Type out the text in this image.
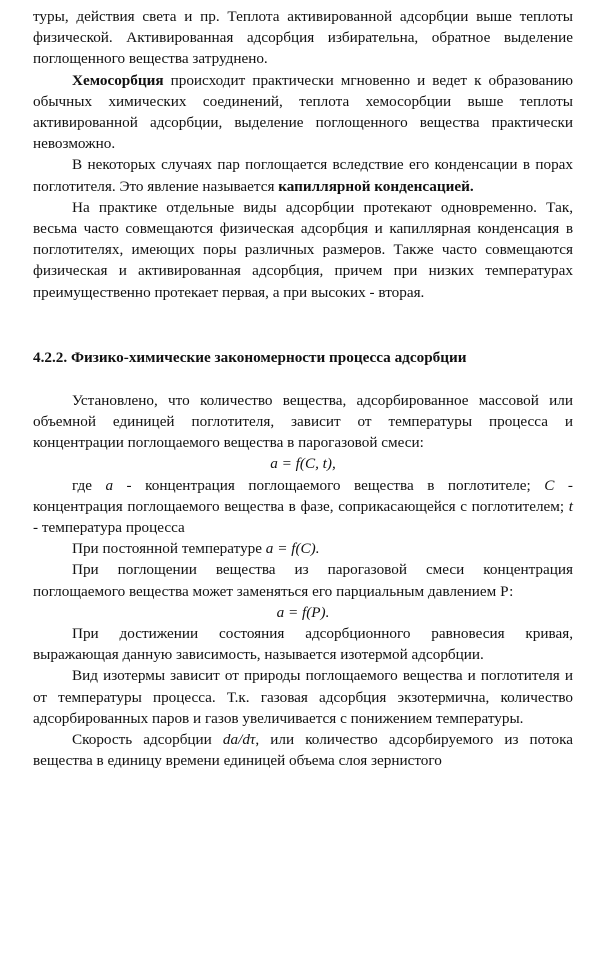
туры, действия света и пр. Теплота активированной адсорбции выше теплоты физической. Активированная адсорбция избирательна, обратное выделение поглощенного вещества затруднено.

Хемосорбция происходит практически мгновенно и ведет к образованию обычных химических соединений, теплота хемосорбции выше теплоты активированной адсорбции, выделение поглощенного вещества практически невозможно.

В некоторых случаях пар поглощается вследствие его конденсации в порах поглотителя. Это явление называется капиллярной конденсацией.

На практике отдельные виды адсорбции протекают одновременно. Так, весьма часто совмещаются физическая адсорбция и капиллярная конденсация в поглотителях, имеющих поры различных размеров. Также часто совмещаются физическая и активированная адсорбция, причем при низких температурах преимущественно протекает первая, а при высоких - вторая.

4.2.2. Физико-химические закономерности процесса адсорбции

Установлено, что количество вещества, адсорбированное массовой или объемной единицей поглотителя, зависит от температуры процесса и концентрации поглощаемого вещества в парогазовой смеси:

a = f(C, t),

где a - концентрация поглощаемого вещества в поглотителе; C - концентрация поглощаемого вещества в фазе, соприкасающейся с поглотителем; t - температура процесса

При постоянной температуре a = f(C).

При поглощении вещества из парогазовой смеси концентрация поглощаемого вещества может заменяться его парциальным давлением Р:

a = f(P).

При достижении состояния адсорбционного равновесия кривая, выражающая данную зависимость, называется изотермой адсорбции.

Вид изотермы зависит от природы поглощаемого вещества и поглотителя и от температуры процесса. Т.к. газовая адсорбция экзотермична, количество адсорбированных паров и газов увеличивается с понижением температуры.

Скорость адсорбции da/dτ, или количество адсорбируемого из потока вещества в единицу времени единицей объема слоя зернистого
